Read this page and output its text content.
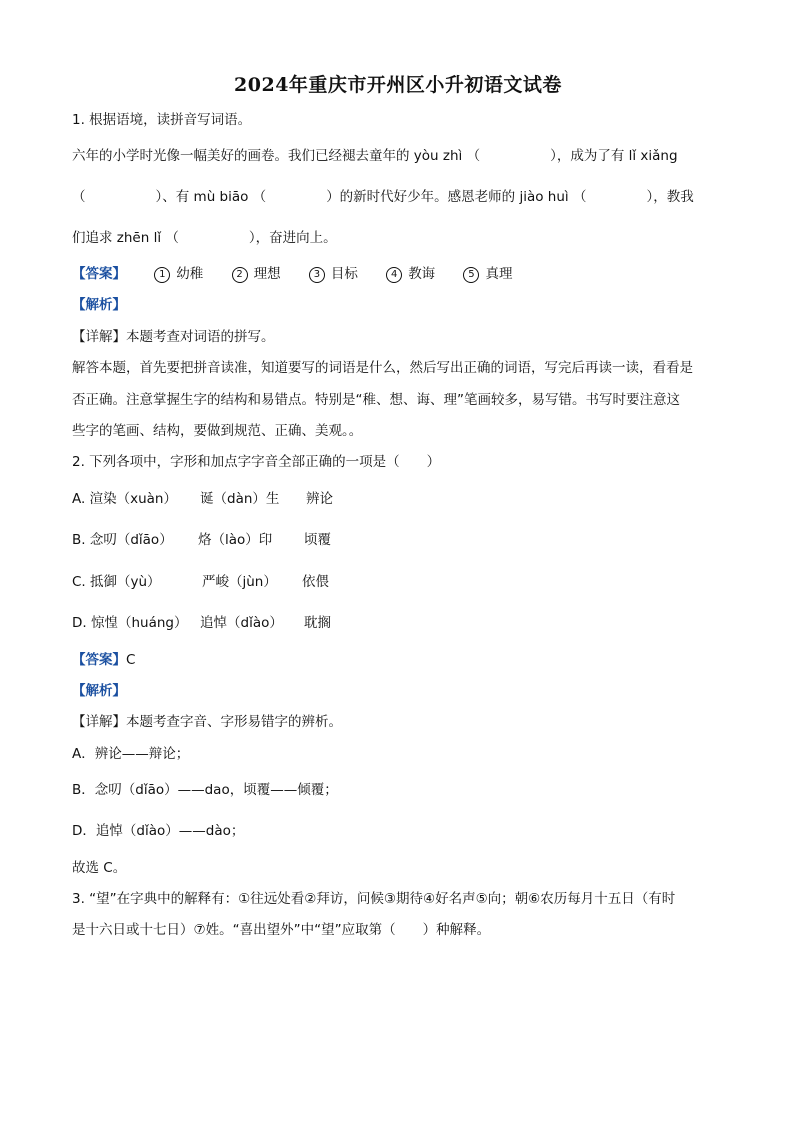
2024年重庆市开州区小升初语文试卷
1. 根据语境，读拼音写词语。
六年的小学时光像一幅美好的画卷。我们已经褪去童年的 yòu zhì （	），成为了有 lǐ xiǎng
（	）、有 mù biāo （	）的新时代好少年。感恩老师的 jiào huì （	），教我
们追求 zhēn lǐ （	），奋进向上。
【答案】	1 幼稚	2 理想	3 目标	4 教诲	5 真理
【解析】
【详解】本题考查对词语的拼写。
解答本题，首先要把拼音读准，知道要写的词语是什么，然后写出正确的词语，写完后再读一读，看看是
否正确。注意掌握生字的结构和易错点。特别是“稚、想、诲、理”笔画较多，易写错。书写时要注意这
些字的笔画、结构，要做到规范、正确、美观。。
2. 下列各项中，字形和加点字字音全部正确的一项是（　　）
A. 渲染（xuàn） 诞（dàn）生 辨论
B. 念叨（dǐāo） 烙（lào）印 顷覆
C. 抵御（yù）	严峻（jùn） 依偎
D. 惊惶（huáng） 追悼（dǐào） 耽搁
【答案】C
【解析】
【详解】本题考查字音、字形易错字的辨析。
A．辨论——辩论；
B．念叨（dǐāo）——dao，顷覆——倾覆；
D．追悼（dǐào）——dào；
故选 C。
3. “望”在字典中的解释有：①往远处看②拜访，问候③期待④好名声⑤向；朝⑥农历每月十五日（有时
是十六日或十七日）⑦姓。“喜出望外”中“望”应取第（　　）种解释。
